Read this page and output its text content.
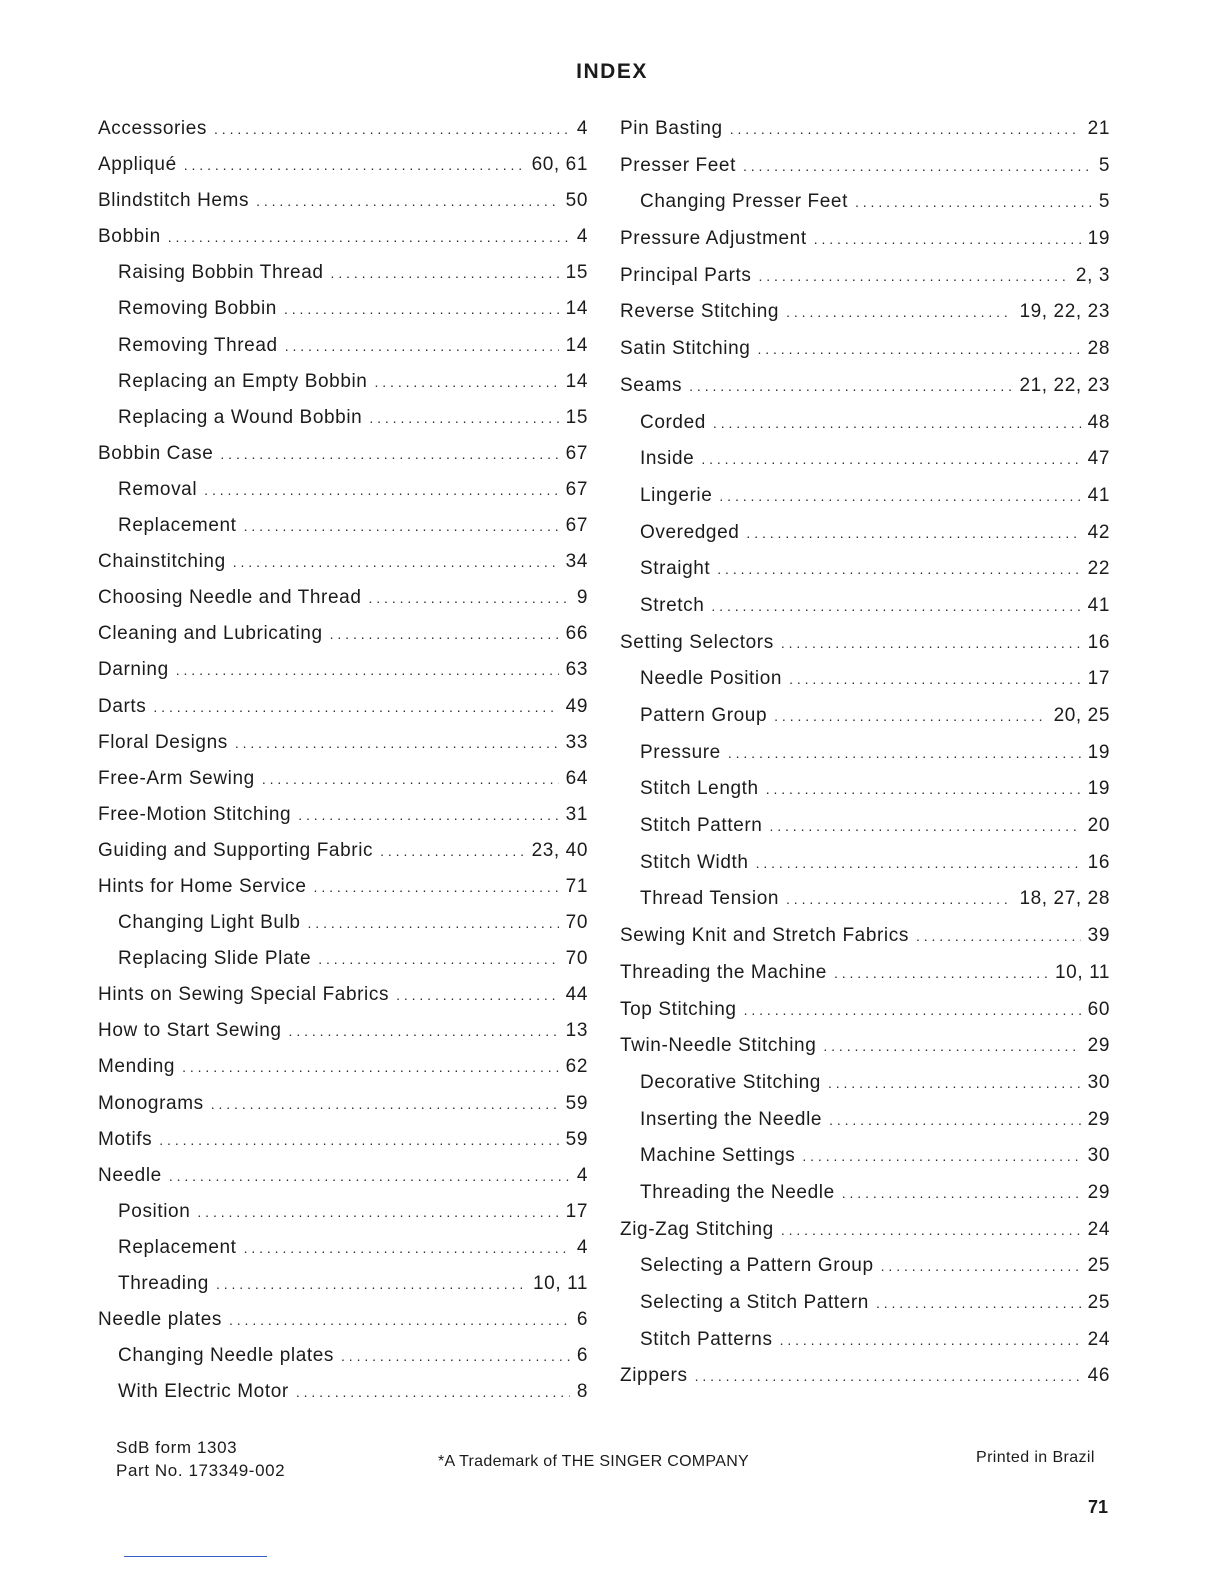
INDEX
Accessories . . .	4
Appliqué . . .	60, 61
Blindstitch Hems . . .	50
Bobbin . . .	4
Raising Bobbin Thread . . .	15
Removing Bobbin . . .	14
Removing Thread . . .	14
Replacing an Empty Bobbin . . .	14
Replacing a Wound Bobbin . . .	15
Bobbin Case . . .	67
Removal . . .	67
Replacement . . .	67
Chainstitching . . .	34
Choosing Needle and Thread . . .	9
Cleaning and Lubricating . . .	66
Darning . . .	63
Darts . . .	49
Floral Designs . . .	33
Free-Arm Sewing . . .	64
Free-Motion Stitching . . .	31
Guiding and Supporting Fabric . . .	23, 40
Hints for Home Service . . .	71
Changing Light Bulb . . .	70
Replacing Slide Plate . . .	70
Hints on Sewing Special Fabrics . . .	44
How to Start Sewing . . .	13
Mending . . .	62
Monograms . . .	59
Motifs . . .	59
Needle . . .	4
Position . . .	17
Replacement . . .	4
Threading . . .	10, 11
Needle plates . . .	6
Changing Needle plates . . .	6
With Electric Motor . . .	8
Pin Basting . . .	21
Presser Feet . . .	5
Changing Presser Feet . . .	5
Pressure Adjustment . . .	19
Principal Parts . . .	2, 3
Reverse Stitching . . .	19, 22, 23
Satin Stitching . . .	28
Seams . . .	21, 22, 23
Corded . . .	48
Inside . . .	47
Lingerie . . .	41
Overedged . . .	42
Straight . . .	22
Stretch . . .	41
Setting Selectors . . .	16
Needle Position . . .	17
Pattern Group . . .	20, 25
Pressure . . .	19
Stitch Length . . .	19
Stitch Pattern . . .	20
Stitch Width . . .	16
Thread Tension . . .	18, 27, 28
Sewing Knit and Stretch Fabrics . . .	39
Threading the Machine . . .	10, 11
Top Stitching . . .	60
Twin-Needle Stitching . . .	29
Decorative Stitching . . .	30
Inserting the Needle . . .	29
Machine Settings . . .	30
Threading the Needle . . .	29
Zig-Zag Stitching . . .	24
Selecting a Pattern Group . . .	25
Selecting a Stitch Pattern . . .	25
Stitch Patterns . . .	24
Zippers . . .	46
SdB form 1303
Part No. 173349-002	*A Trademark of THE SINGER COMPANY	Printed in Brazil
71
